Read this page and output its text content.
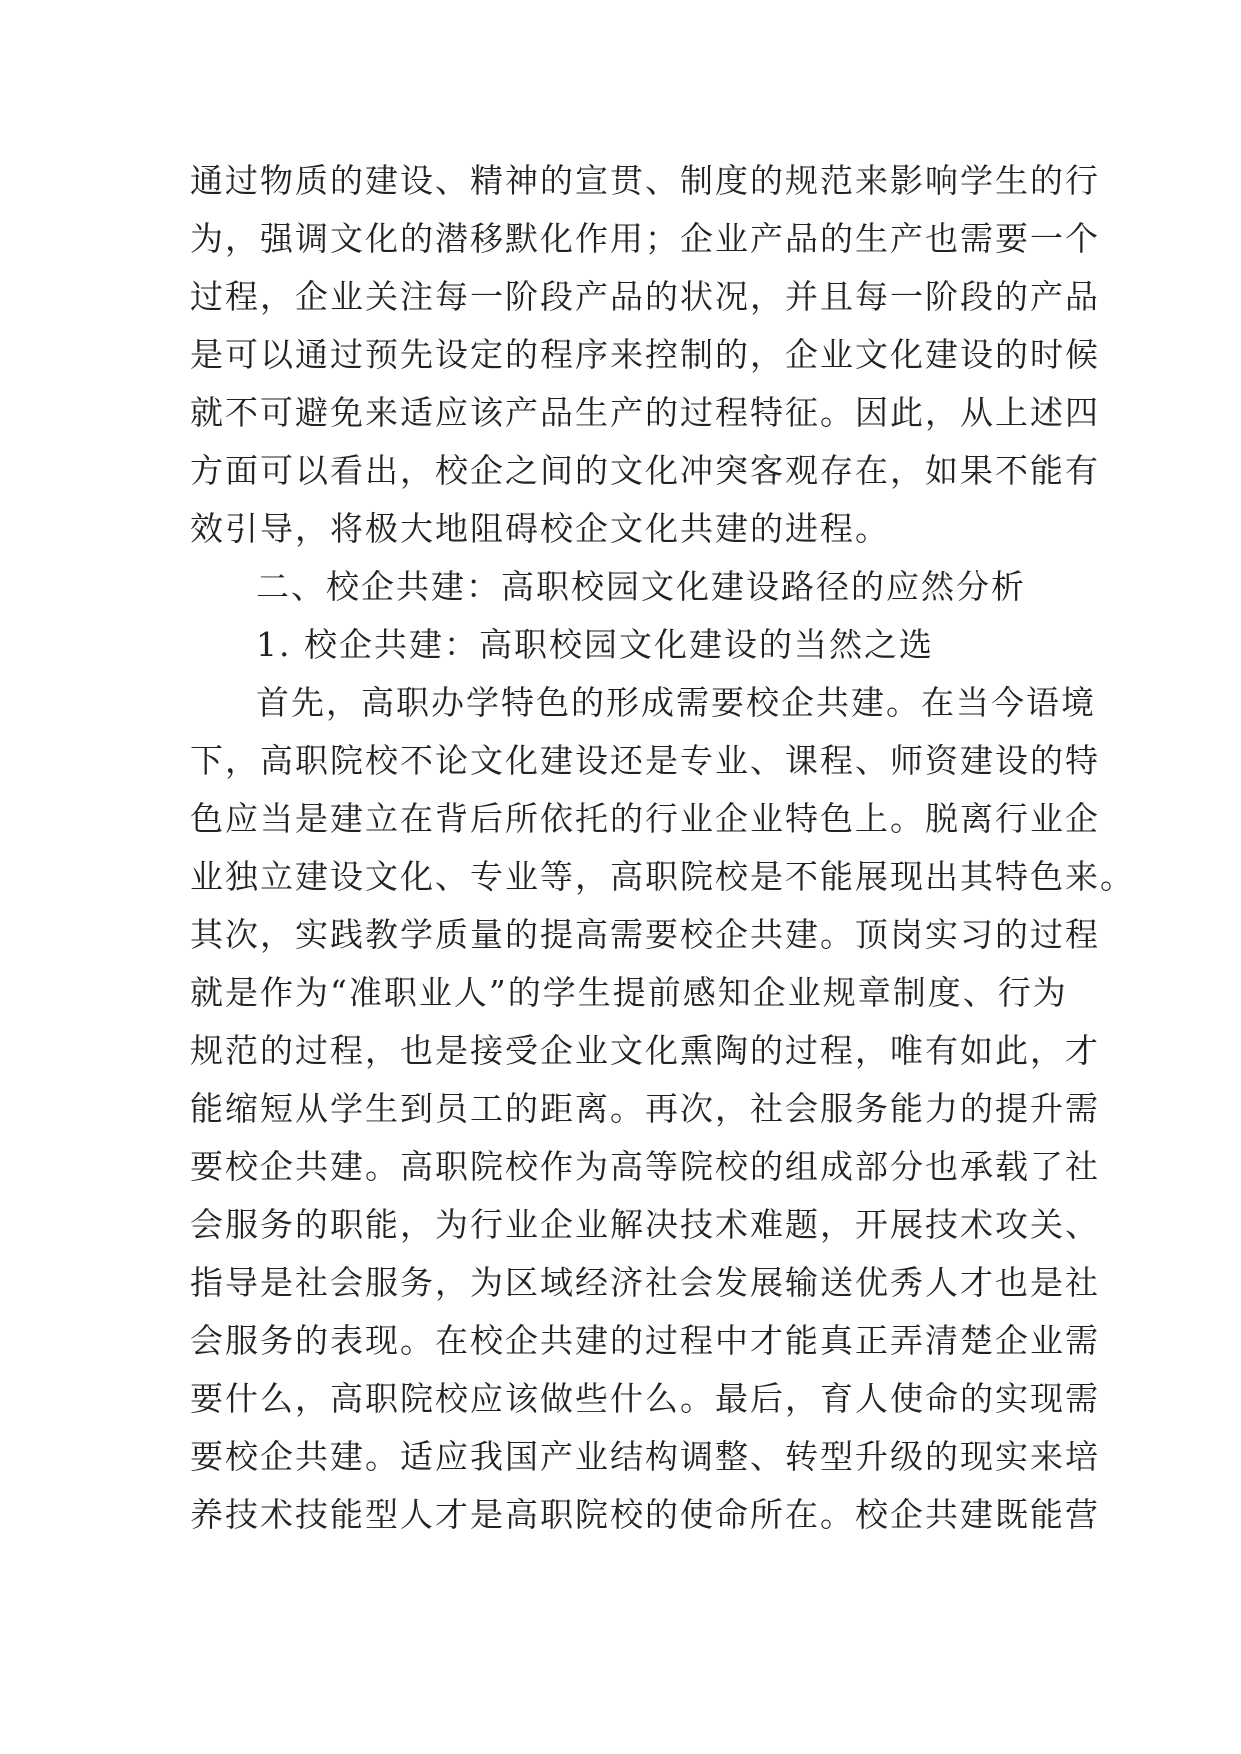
通过物质的建设、精神的宣贯、制度的规范来影响学生的行
为，强调文化的潜移默化作用；企业产品的生产也需要一个
过程，企业关注每一阶段产品的状况，并且每一阶段的产品
是可以通过预先设定的程序来控制的，企业文化建设的时候
就不可避免来适应该产品生产的过程特征。因此，从上述四
方面可以看出，校企之间的文化冲突客观存在，如果不能有
效引导，将极大地阻碍校企文化共建的进程。
二、校企共建：高职校园文化建设路径的应然分析
1. 校企共建：高职校园文化建设的当然之选
首先，高职办学特色的形成需要校企共建。在当今语境
下，高职院校不论文化建设还是专业、课程、师资建设的特
色应当是建立在背后所依托的行业企业特色上。脱离行业企
业独立建设文化、专业等，高职院校是不能展现出其特色来。
其次，实践教学质量的提高需要校企共建。顶岗实习的过程
就是作为“准职业人”的学生提前感知企业规章制度、行为
规范的过程，也是接受企业文化熏陶的过程，唯有如此，才
能缩短从学生到员工的距离。再次，社会服务能力的提升需
要校企共建。高职院校作为高等院校的组成部分也承载了社
会服务的职能，为行业企业解决技术难题，开展技术攻关、
指导是社会服务，为区域经济社会发展输送优秀人才也是社
会服务的表现。在校企共建的过程中才能真正弄清楚企业需
要什么，高职院校应该做些什么。最后，育人使命的实现需
要校企共建。适应我国产业结构调整、转型升级的现实来培
养技术技能型人才是高职院校的使命所在。校企共建既能营
